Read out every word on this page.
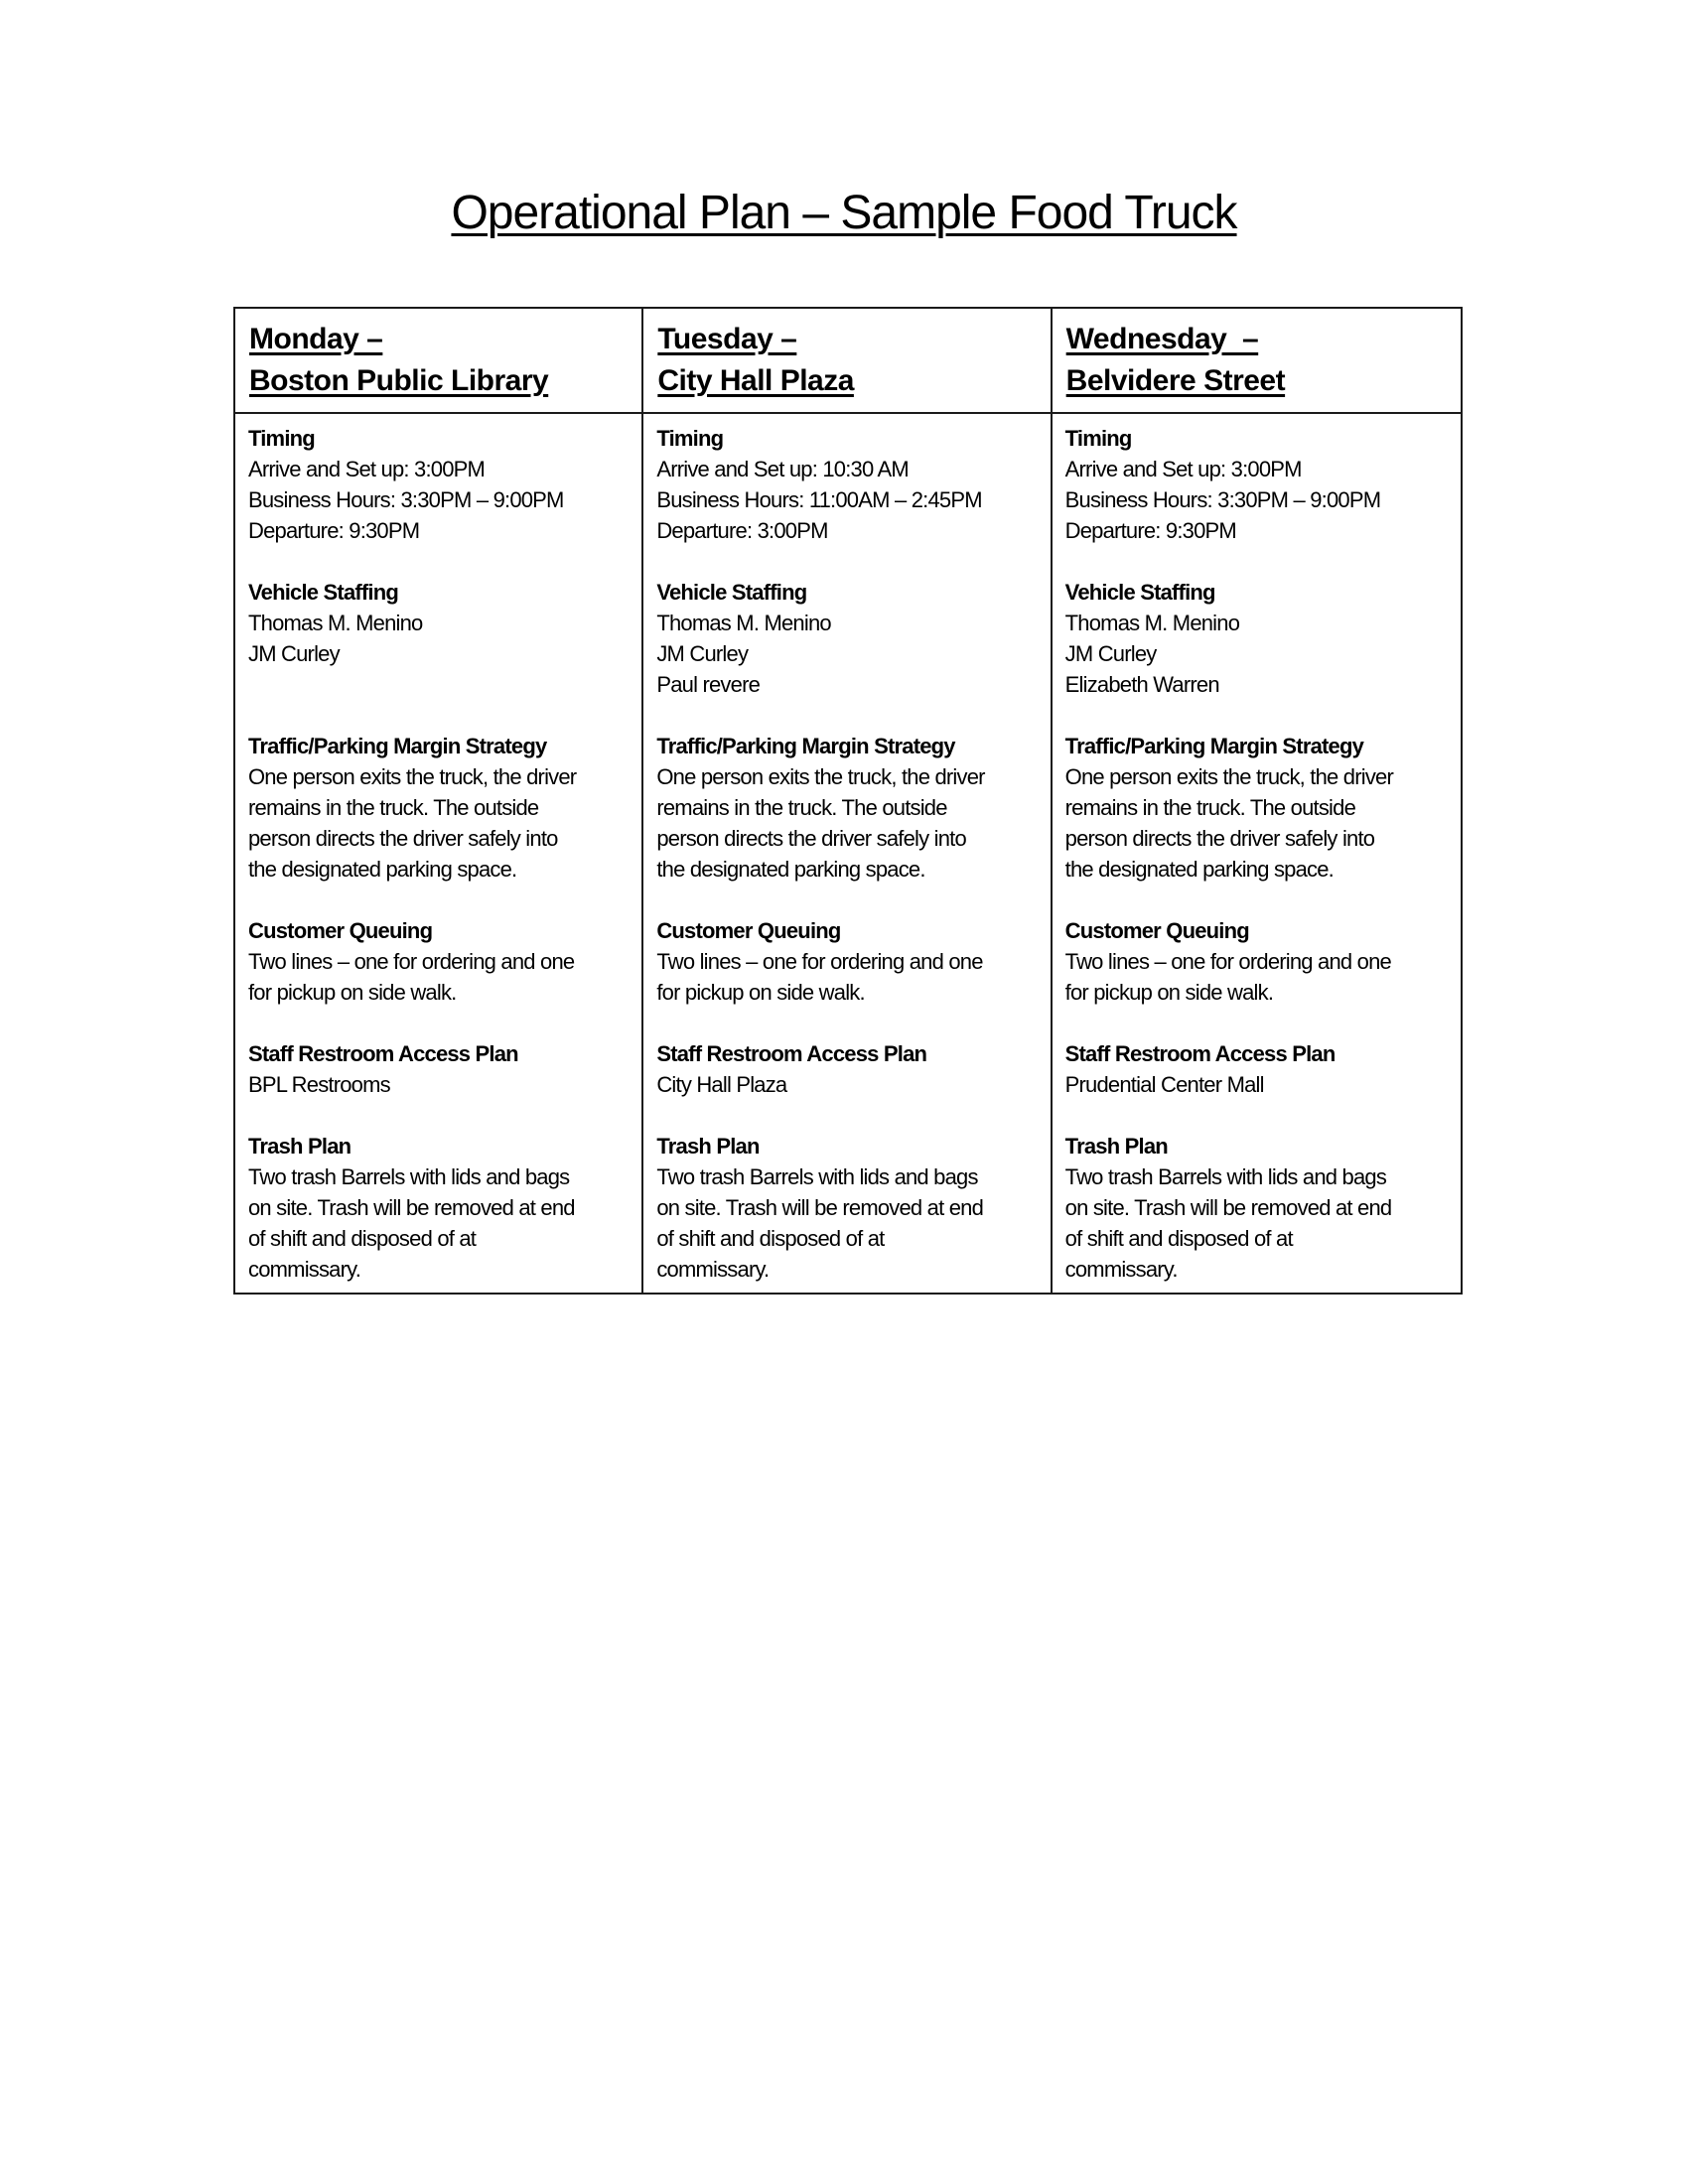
Operational Plan – Sample Food Truck
Monday –
Boston Public Library
Tuesday –
City Hall Plaza
Wednesday  –
Belvidere Street
Timing
Arrive and Set up: 3:00PM
Business Hours: 3:30PM – 9:00PM
Departure: 9:30PM
Vehicle Staffing
Thomas M. Menino
JM Curley
Traffic/Parking Margin Strategy
One person exits the truck, the driver
remains in the truck. The outside
person directs the driver safely into
the designated parking space.
Customer Queuing
Two lines – one for ordering and one
for pickup on side walk.
Staff Restroom Access Plan
BPL Restrooms
Trash Plan
Two trash Barrels with lids and bags
on site. Trash will be removed at end
of shift and disposed of at
commissary.
Timing
Arrive and Set up: 10:30 AM
Business Hours: 11:00AM – 2:45PM
Departure: 3:00PM
Vehicle Staffing
Thomas M. Menino
JM Curley
Paul revere
Traffic/Parking Margin Strategy
One person exits the truck, the driver
remains in the truck. The outside
person directs the driver safely into
the designated parking space.
Customer Queuing
Two lines – one for ordering and one
for pickup on side walk.
Staff Restroom Access Plan
City Hall Plaza
Trash Plan
Two trash Barrels with lids and bags
on site. Trash will be removed at end
of shift and disposed of at
commissary.
Timing
Arrive and Set up: 3:00PM
Business Hours: 3:30PM – 9:00PM
Departure: 9:30PM
Vehicle Staffing
Thomas M. Menino
JM Curley
Elizabeth Warren
Traffic/Parking Margin Strategy
One person exits the truck, the driver
remains in the truck. The outside
person directs the driver safely into
the designated parking space.
Customer Queuing
Two lines – one for ordering and one
for pickup on side walk.
Staff Restroom Access Plan
Prudential Center Mall
Trash Plan
Two trash Barrels with lids and bags
on site. Trash will be removed at end
of shift and disposed of at
commissary.
